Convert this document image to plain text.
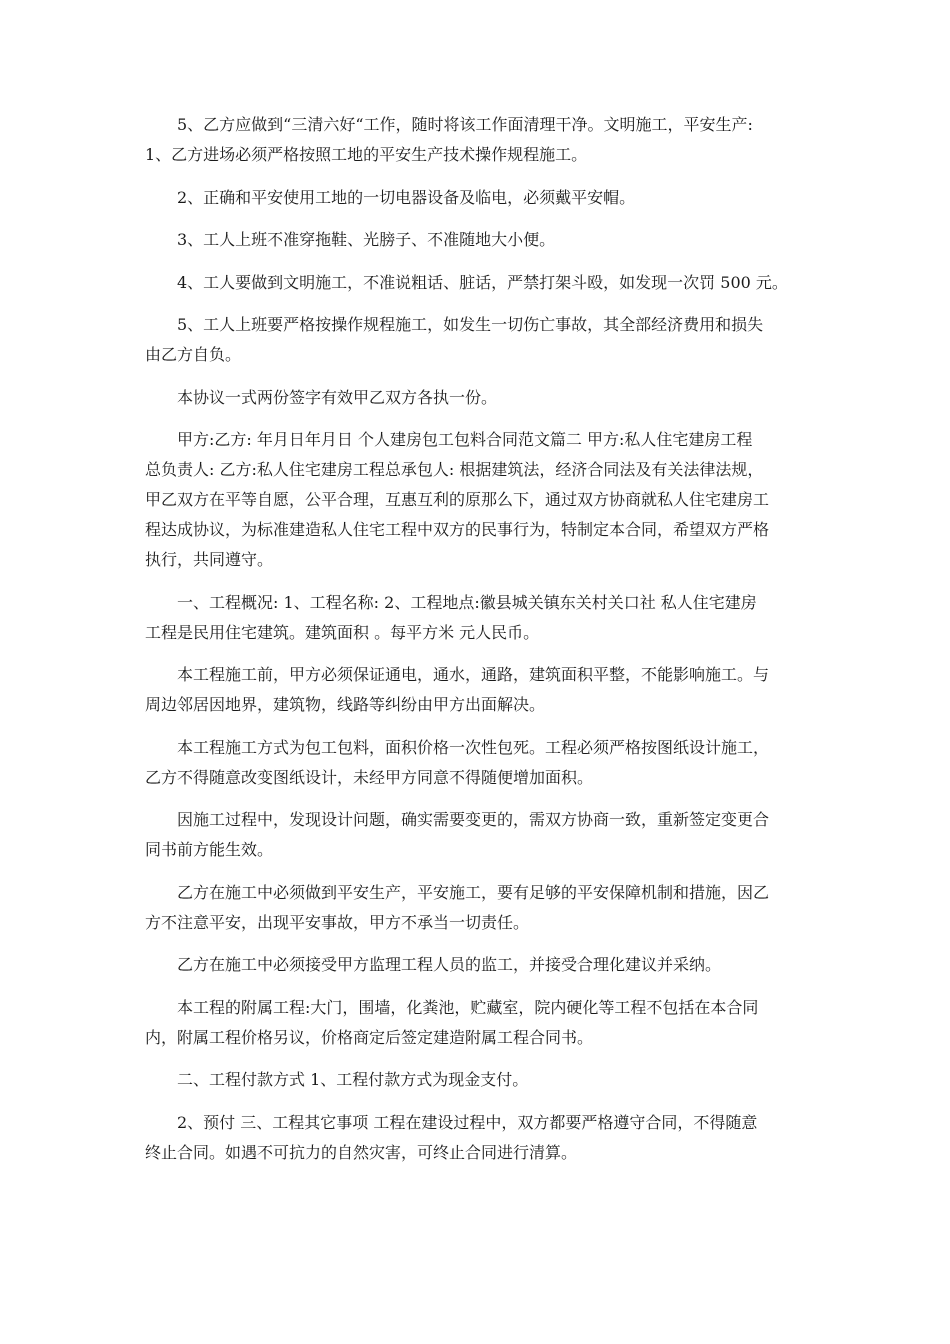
5、乙方应做到“三清六好“工作，随时将该工作面清理干净。文明施工，平安生产:
1、乙方进场必须严格按照工地的平安生产技术操作规程施工。
2、正确和平安使用工地的一切电器设备及临电，必须戴平安帽。
3、工人上班不准穿拖鞋、光膀子、不准随地大小便。
4、工人要做到文明施工，不准说粗话、脏话，严禁打架斗殴，如发现一次罚 500 元。
5、工人上班要严格按操作规程施工，如发生一切伤亡事故，其全部经济费用和损失
由乙方自负。
本协议一式两份签字有效甲乙双方各执一份。
甲方:乙方: 年月日年月日 个人建房包工包料合同范文篇二 甲方:私人住宅建房工程
总负责人: 乙方:私人住宅建房工程总承包人: 根据建筑法，经济合同法及有关法律法规，
甲乙双方在平等自愿，公平合理，互惠互利的原那么下，通过双方协商就私人住宅建房工
程达成协议，为标准建造私人住宅工程中双方的民事行为，特制定本合同，希望双方严格
执行，共同遵守。
一、工程概况: 1、工程名称: 2、工程地点:徽县城关镇东关村关口社 私人住宅建房
工程是民用住宅建筑。建筑面积 。每平方米 元人民币。
本工程施工前，甲方必须保证通电，通水，通路，建筑面积平整，不能影响施工。与
周边邻居因地界，建筑物，线路等纠纷由甲方出面解决。
本工程施工方式为包工包料，面积价格一次性包死。工程必须严格按图纸设计施工，
乙方不得随意改变图纸设计，未经甲方同意不得随便增加面积。
因施工过程中，发现设计问题，确实需要变更的，需双方协商一致，重新签定变更合
同书前方能生效。
乙方在施工中必须做到平安生产，平安施工，要有足够的平安保障机制和措施，因乙
方不注意平安，出现平安事故，甲方不承当一切责任。
乙方在施工中必须接受甲方监理工程人员的监工，并接受合理化建议并采纳。
本工程的附属工程:大门，围墙，化粪池，贮藏室，院内硬化等工程不包括在本合同
内，附属工程价格另议，价格商定后签定建造附属工程合同书。
二、工程付款方式 1、工程付款方式为现金支付。
2、预付 三、工程其它事项 工程在建设过程中，双方都要严格遵守合同，不得随意
终止合同。如遇不可抗力的自然灾害，可终止合同进行清算。
